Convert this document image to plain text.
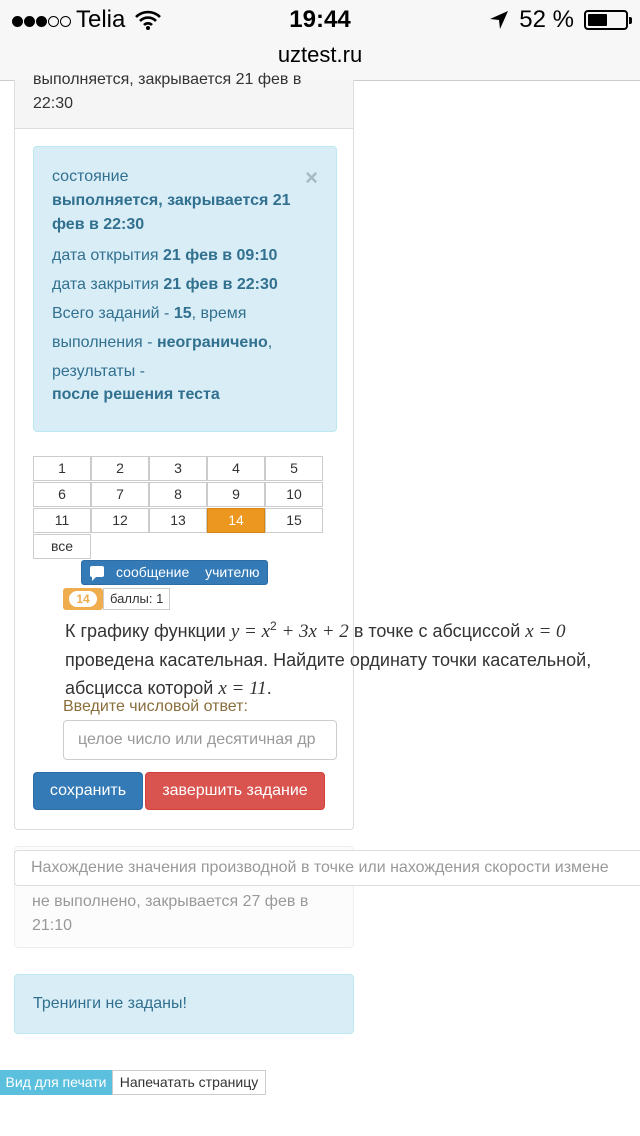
Telia	19:44	52 %
uztest.ru
выполняется, закрывается 21 фев в 22:30
×
состояние
выполняется, закрывается 21 фев в 22:30
дата открытия 21 фев в 09:10
дата закрытия 21 фев в 22:30
Всего заданий - 15, время выполнения - неограничено, результаты -
после решения теста
1	2	3	4	5
6	7	8	9	10
11	12	13	14	15
все
сообщение учителю
14	баллы: 1
К графику функции $y = x^2 + 3x + 2$ в точке с абсциссой x = 0 проведена касательная. Найдите ординату точки касательной, абсцисса которой x = 11.
Введите числовой ответ:
целое число или десятичная др
сохранить	завершить задание
Нахождение значения производной в точке или нахождения скорости измене
не выполнено, закрывается 27 фев в 21:10
Тренинги не заданы!
Вид для печати Напечатать страницу
